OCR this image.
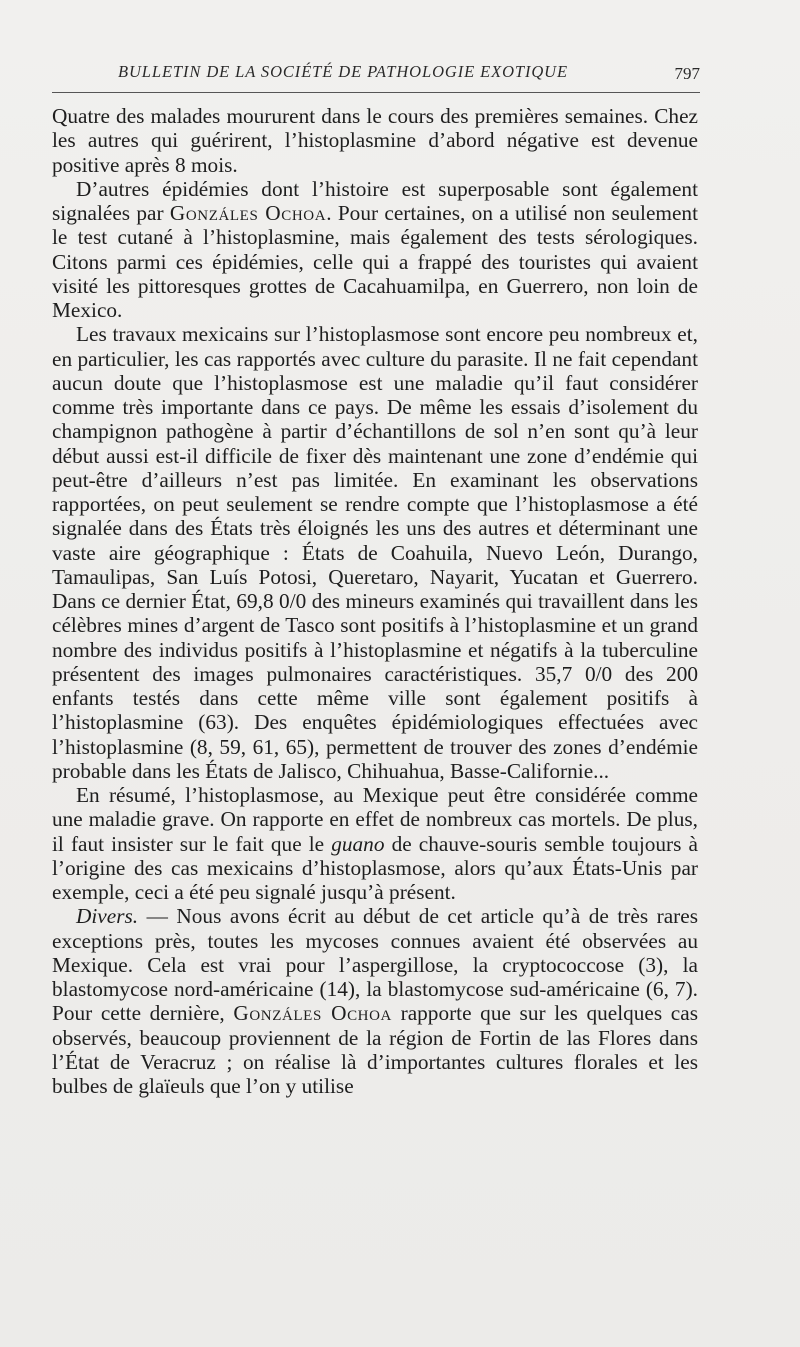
BULLETIN DE LA SOCIÉTÉ DE PATHOLOGIE EXOTIQUE	797

Quatre des malades moururent dans le cours des premières semaines. Chez les autres qui guérirent, l’histoplasmine d’abord négative est devenue positive après 8 mois.

D’autres épidémies dont l’histoire est superposable sont également signalées par Gonzáles Ochoa. Pour certaines, on a utilisé non seulement le test cutané à l’histoplasmine, mais également des tests sérologiques. Citons parmi ces épidémies, celle qui a frappé des touristes qui avaient visité les pittoresques grottes de Cacahuamilpa, en Guerrero, non loin de Mexico.

Les travaux mexicains sur l’histoplasmose sont encore peu nombreux et, en particulier, les cas rapportés avec culture du parasite. Il ne fait cependant aucun doute que l’histoplasmose est une maladie qu’il faut considérer comme très importante dans ce pays. De même les essais d’isolement du champignon pathogène à partir d’échantillons de sol n’en sont qu’à leur début aussi est-il difficile de fixer dès maintenant une zone d’endémie qui peut-être d’ailleurs n’est pas limitée. En examinant les observations rapportées, on peut seulement se rendre compte que l’histoplasmose a été signalée dans des États très éloignés les uns des autres et déterminant une vaste aire géographique : États de Coahuila, Nuevo León, Durango, Tamaulipas, San Luís Potosi, Queretaro, Nayarit, Yucatan et Guerrero. Dans ce dernier État, 69,8 0/0 des mineurs examinés qui travaillent dans les célèbres mines d’argent de Tasco sont positifs à l’histoplasmine et un grand nombre des individus positifs à l’histoplasmine et négatifs à la tuberculine présentent des images pulmonaires caractéristiques. 35,7 0/0 des 200 enfants testés dans cette même ville sont également positifs à l’histoplasmine (63). Des enquêtes épidémiologiques effectuées avec l’histoplasmine (8, 59, 61, 65), permettent de trouver des zones d’endémie probable dans les États de Jalisco, Chihuahua, Basse-Californie...

En résumé, l’histoplasmose, au Mexique peut être considérée comme une maladie grave. On rapporte en effet de nombreux cas mortels. De plus, il faut insister sur le fait que le guano de chauve-souris semble toujours à l’origine des cas mexicains d’histoplasmose, alors qu’aux États-Unis par exemple, ceci a été peu signalé jusqu’à présent.

Divers. — Nous avons écrit au début de cet article qu’à de très rares exceptions près, toutes les mycoses connues avaient été observées au Mexique. Cela est vrai pour l’aspergillose, la cryptococcose (3), la blastomycose nord-américaine (14), la blastomycose sud-américaine (6, 7). Pour cette dernière, Gonzáles Ochoa rapporte que sur les quelques cas observés, beaucoup proviennent de la région de Fortin de las Flores dans l’État de Veracruz ; on réalise là d’importantes cultures florales et les bulbes de glaïeuls que l’on y utilise
